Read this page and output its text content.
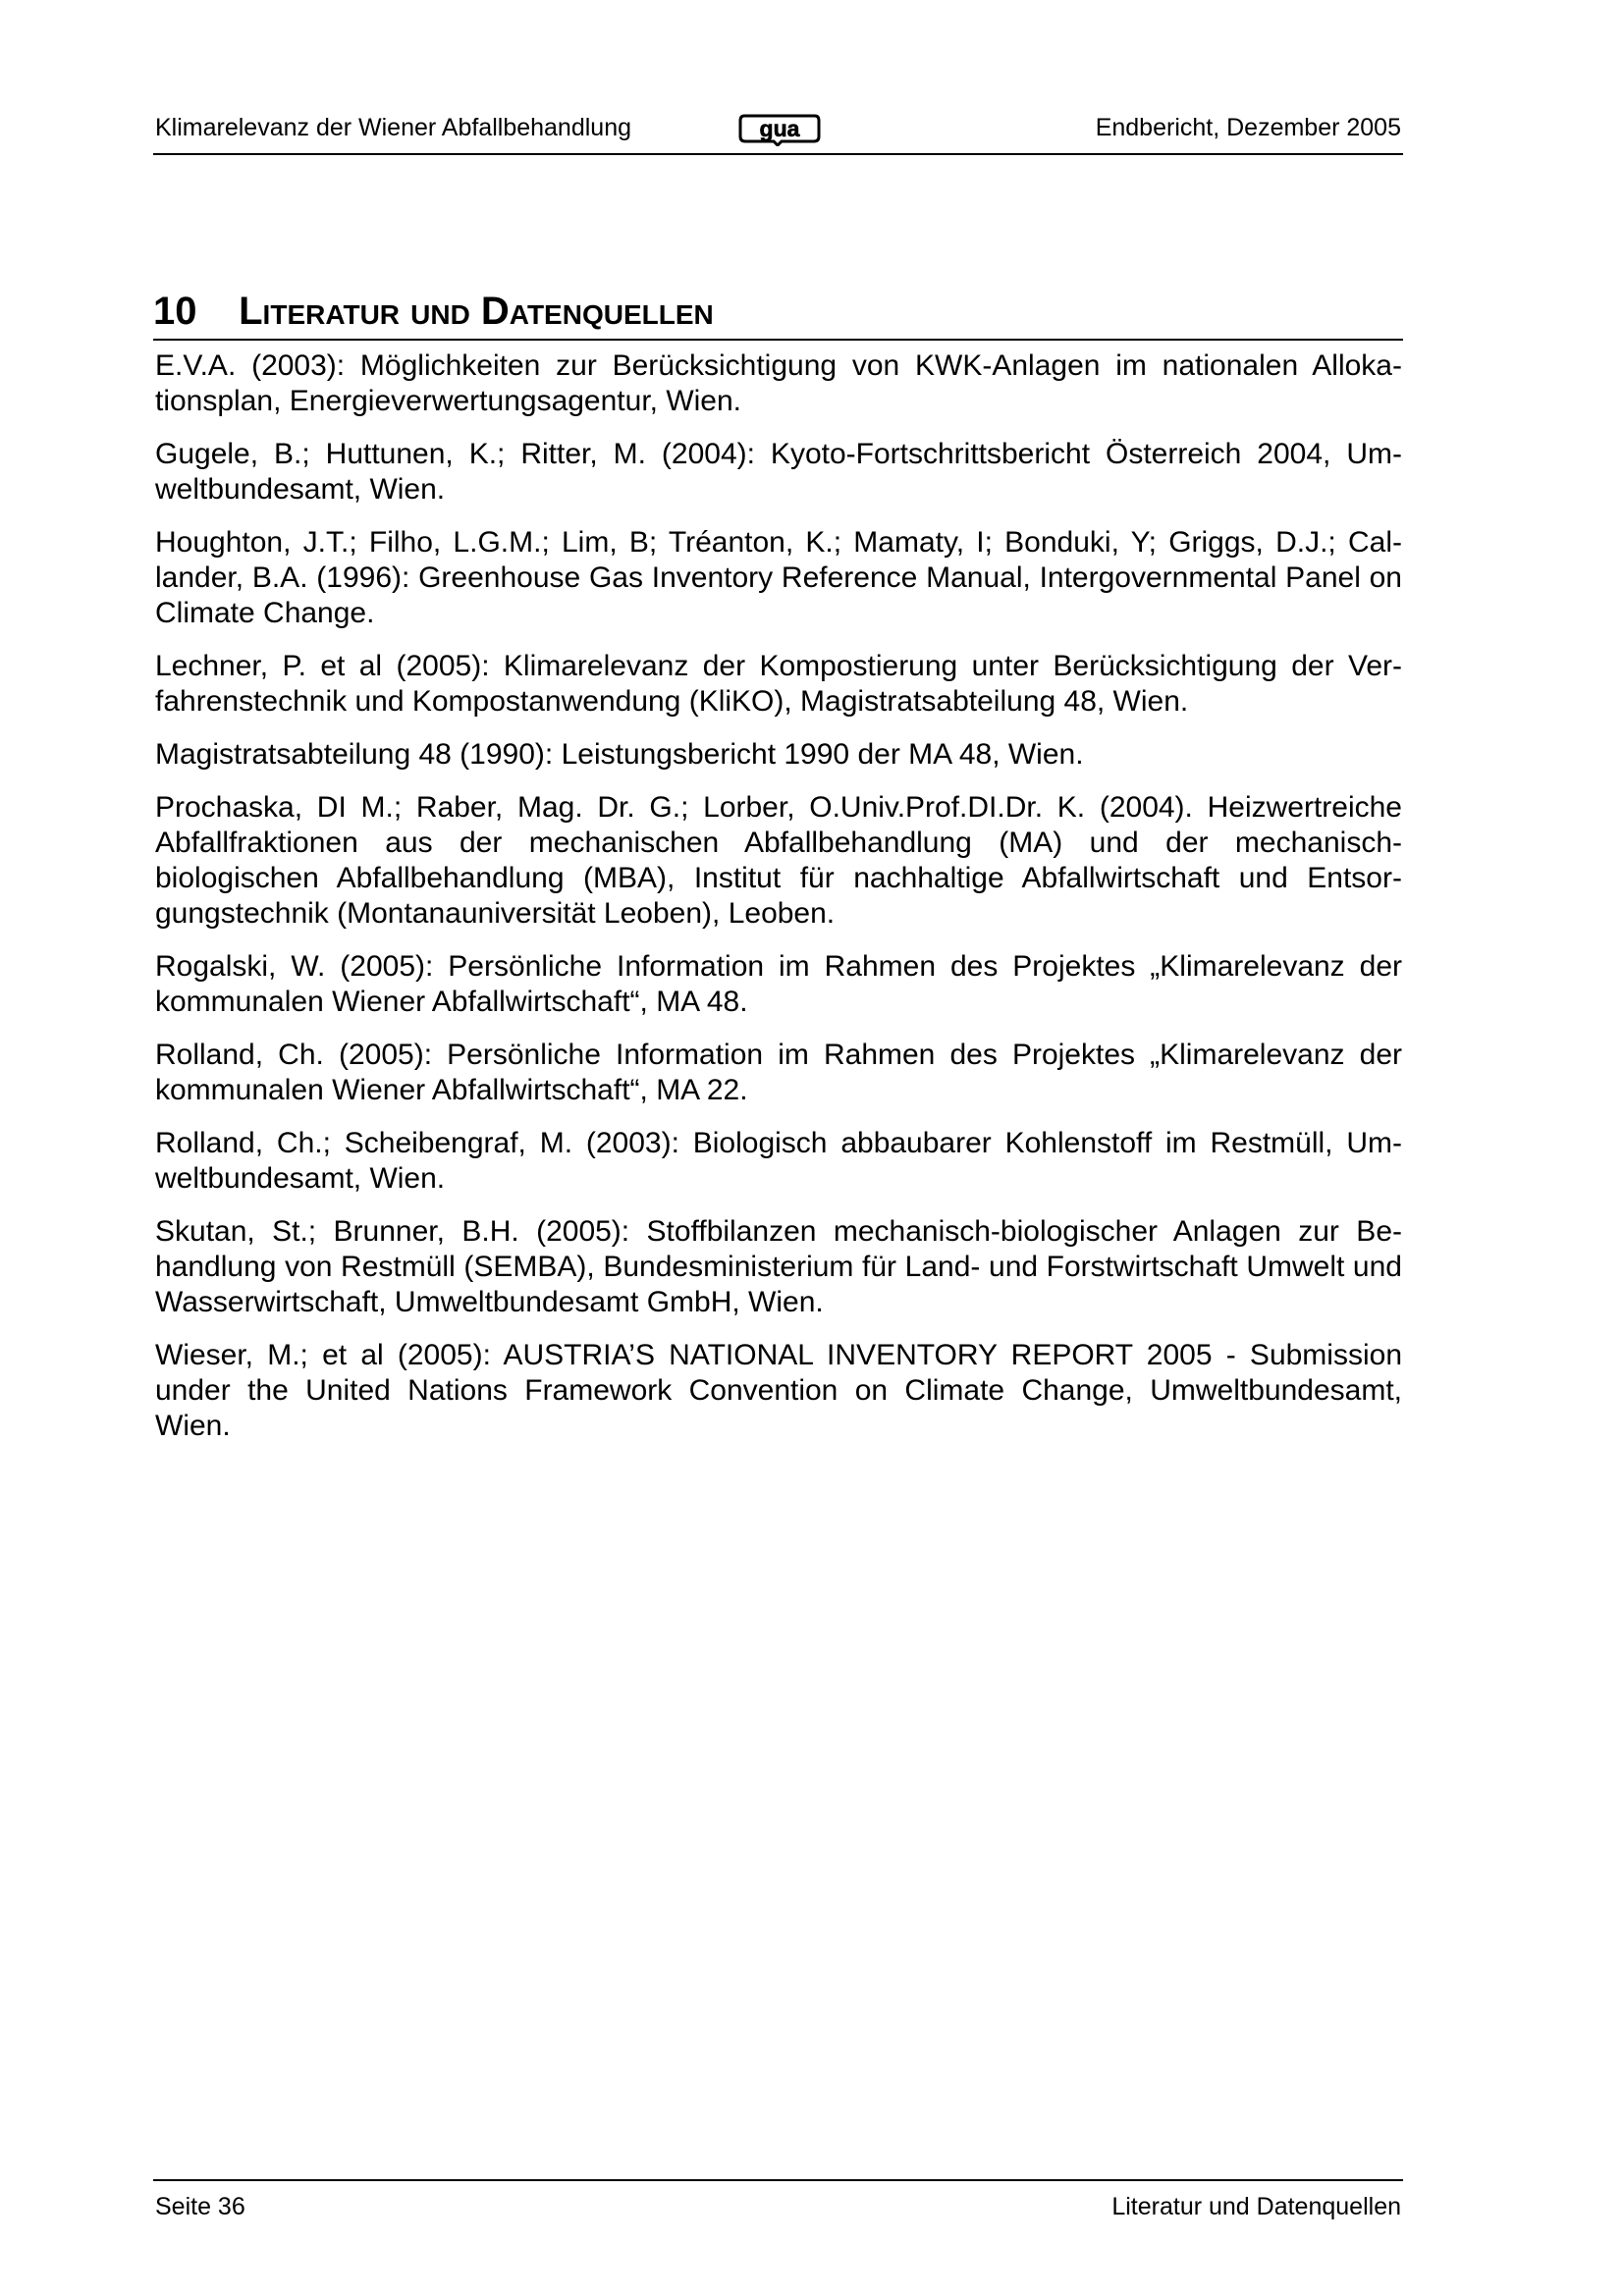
Klimarelevanz der Wiener Abfallbehandlung	gua	Endbericht, Dezember 2005
10 Literatur und Datenquellen
E.V.A. (2003): Möglichkeiten zur Berücksichtigung von KWK-Anlagen im nationalen Allokationsplan, Energieverwertungsagentur, Wien.
Gugele, B.; Huttunen, K.; Ritter, M. (2004): Kyoto-Fortschrittsbericht Österreich 2004, Umweltbundesamt, Wien.
Houghton, J.T.; Filho, L.G.M.; Lim, B; Tréanton, K.; Mamaty, I; Bonduki, Y; Griggs, D.J.; Callander, B.A. (1996): Greenhouse Gas Inventory Reference Manual, Intergovernmental Panel on Climate Change.
Lechner, P. et al (2005): Klimarelevanz der Kompostierung unter Berücksichtigung der Verfahrenstechnik und Kompostanwendung (KliKO), Magistratsabteilung 48, Wien.
Magistratsabteilung 48 (1990): Leistungsbericht 1990 der MA 48, Wien.
Prochaska, DI M.; Raber, Mag. Dr. G.; Lorber, O.Univ.Prof.DI.Dr. K. (2004). Heizwertreiche Abfallfraktionen aus der mechanischen Abfallbehandlung (MA) und der mechanisch-biologischen Abfallbehandlung (MBA), Institut für nachhaltige Abfallwirtschaft und Entsorgungstechnik (Montanauniversität Leoben), Leoben.
Rogalski, W. (2005): Persönliche Information im Rahmen des Projektes „Klimarelevanz der kommunalen Wiener Abfallwirtschaft“, MA 48.
Rolland, Ch. (2005): Persönliche Information im Rahmen des Projektes „Klimarelevanz der kommunalen Wiener Abfallwirtschaft“, MA 22.
Rolland, Ch.; Scheibengraf, M. (2003): Biologisch abbaubarer Kohlenstoff im Restmüll, Umweltbundesamt, Wien.
Skutan, St.; Brunner, B.H. (2005): Stoffbilanzen mechanisch-biologischer Anlagen zur Behandlung von Restmüll (SEMBA), Bundesministerium für Land- und Forstwirtschaft Umwelt und Wasserwirtschaft, Umweltbundesamt GmbH, Wien.
Wieser, M.; et al (2005): AUSTRIA’S NATIONAL INVENTORY REPORT 2005 - Submission under the United Nations Framework Convention on Climate Change, Umweltbundesamt, Wien.
Seite 36	Literatur und Datenquellen
